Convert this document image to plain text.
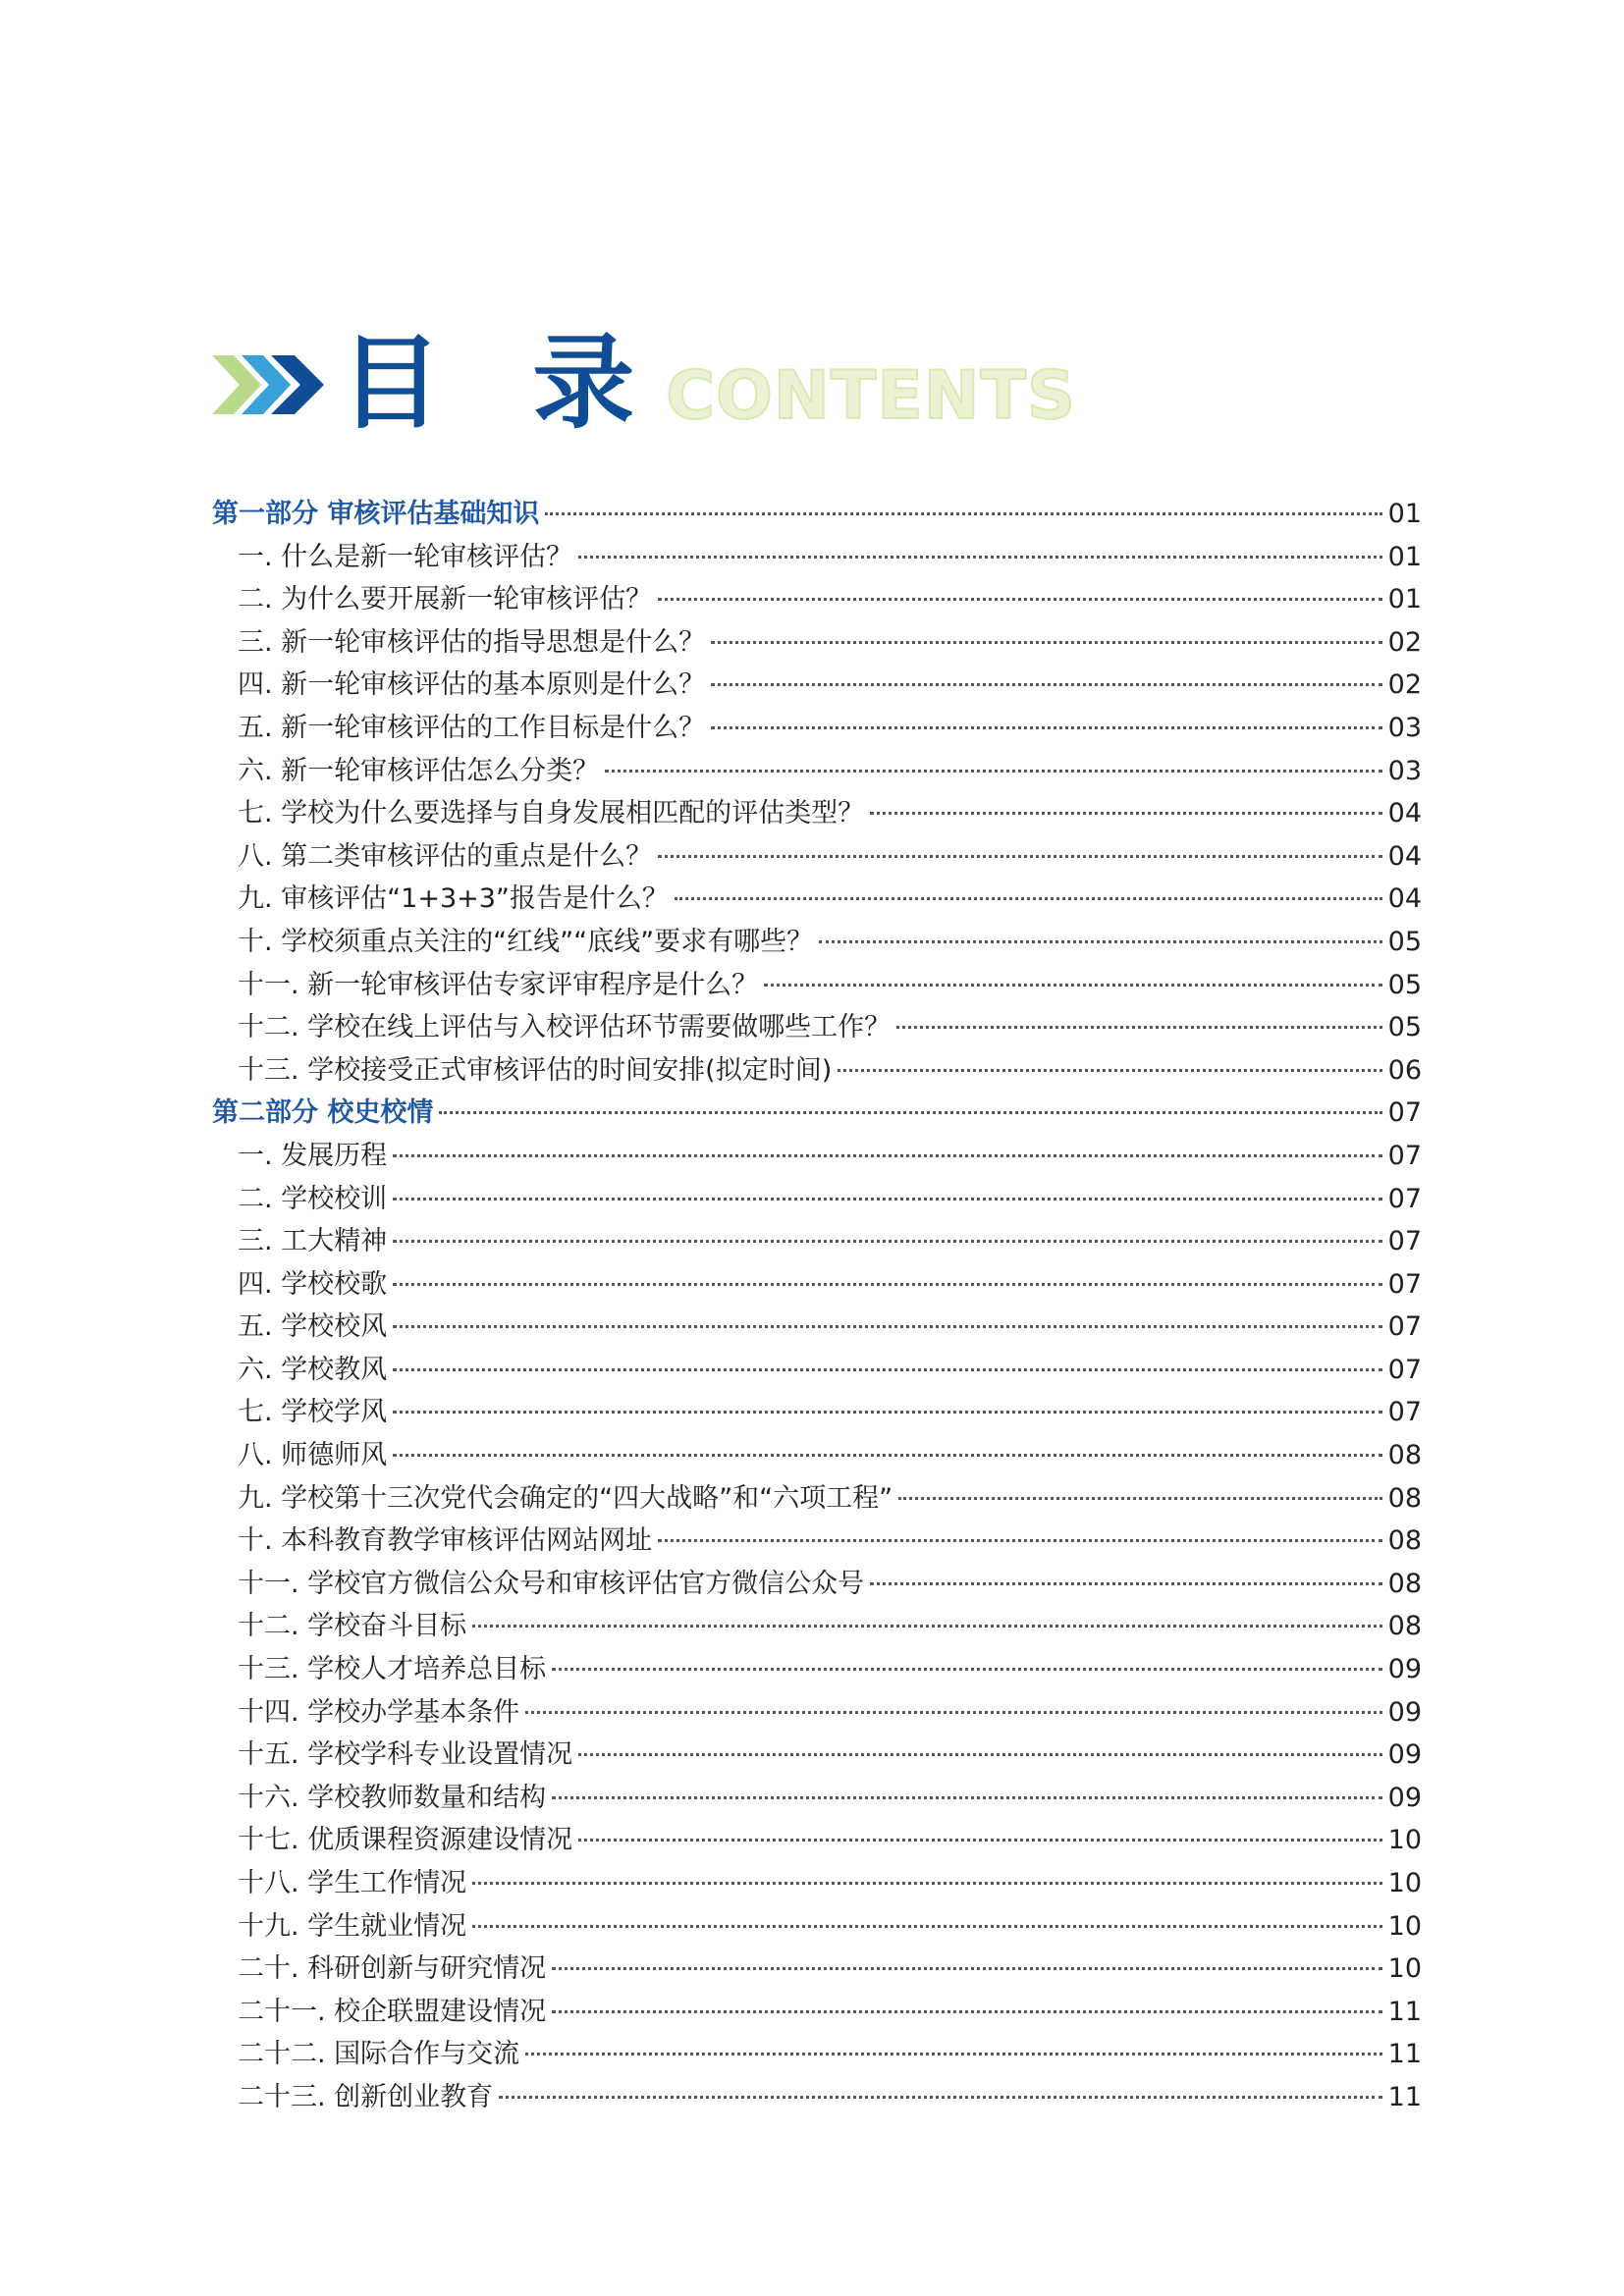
目 录 CONTENTS
第一部分 审核评估基础知识	01
一. 什么是新一轮审核评估？	01
二. 为什么要开展新一轮审核评估？	01
三. 新一轮审核评估的指导思想是什么？	02
四. 新一轮审核评估的基本原则是什么？	02
五. 新一轮审核评估的工作目标是什么？	03
六. 新一轮审核评估怎么分类？	03
七. 学校为什么要选择与自身发展相匹配的评估类型？	04
八. 第二类审核评估的重点是什么？	04
九. 审核评估“1+3+3”报告是什么？	04
十. 学校须重点关注的“红线”“底线”要求有哪些？	05
十一. 新一轮审核评估专家评审程序是什么？	05
十二. 学校在线上评估与入校评估环节需要做哪些工作？	05
十三. 学校接受正式审核评估的时间安排(拟定时间)	06
第二部分 校史校情	07
一. 发展历程	07
二. 学校校训	07
三. 工大精神	07
四. 学校校歌	07
五. 学校校风	07
六. 学校教风	07
七. 学校学风	07
八. 师德师风	08
九. 学校第十三次党代会确定的“四大战略”和“六项工程”	08
十. 本科教育教学审核评估网站网址	08
十一. 学校官方微信公众号和审核评估官方微信公众号	08
十二. 学校奋斗目标	08
十三. 学校人才培养总目标	09
十四. 学校办学基本条件	09
十五. 学校学科专业设置情况	09
十六. 学校教师数量和结构	09
十七. 优质课程资源建设情况	10
十八. 学生工作情况	10
十九. 学生就业情况	10
二十. 科研创新与研究情况	10
二十一. 校企联盟建设情况	11
二十二. 国际合作与交流	11
二十三. 创新创业教育	11
